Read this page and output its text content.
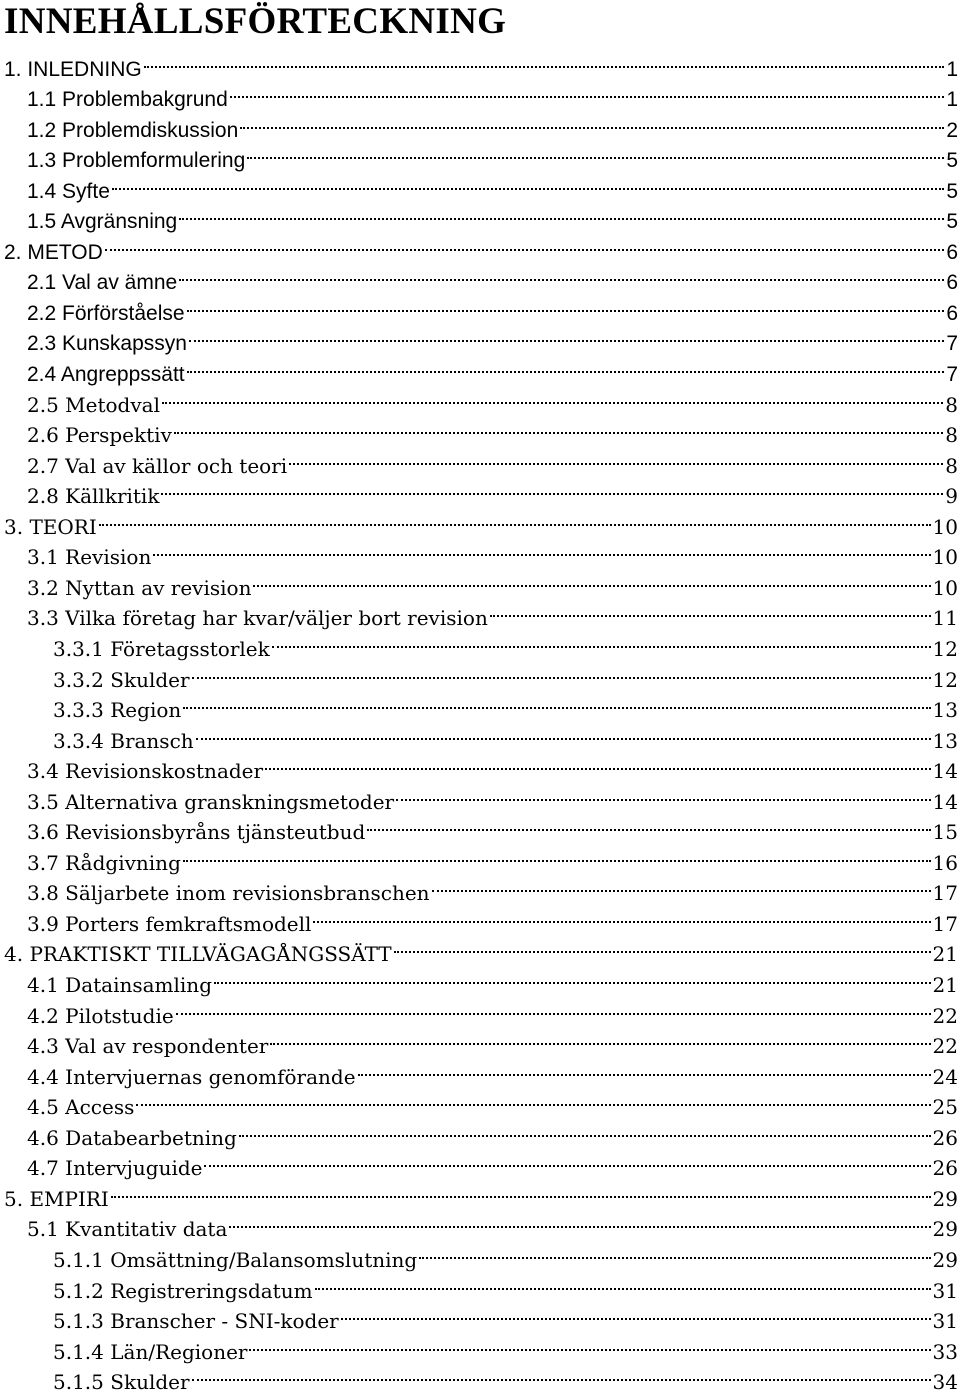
INNEHÅLLSFÖRTECKNING
1. INLEDNING	1
1.1 Problembakgrund	1
1.2 Problemdiskussion	2
1.3 Problemformulering	5
1.4 Syfte	5
1.5 Avgränsning	5
2. METOD	6
2.1 Val av ämne	6
2.2 Förförståelse	6
2.3 Kunskapssyn	7
2.4 Angreppssätt	7
2.5 Metodval	8
2.6 Perspektiv	8
2.7 Val av källor och teori	8
2.8 Källkritik	9
3. TEORI	10
3.1 Revision	10
3.2 Nyttan av revision	10
3.3 Vilka företag har kvar/väljer bort revision	11
3.3.1 Företagsstorlek	12
3.3.2 Skulder	12
3.3.3 Region	13
3.3.4 Bransch	13
3.4 Revisionskostnader	14
3.5 Alternativa granskningsmetoder	14
3.6 Revisionsbyråns tjänsteutbud	15
3.7 Rådgivning	16
3.8 Säljarbete inom revisionsbranschen	17
3.9 Porters femkraftsmodell	17
4. PRAKTISKT TILLVÄGAGÅNGSSÄTT	21
4.1 Datainsamling	21
4.2 Pilotstudie	22
4.3 Val av respondenter	22
4.4 Intervjuernas genomförande	24
4.5 Access	25
4.6 Databearbetning	26
4.7 Intervjuguide	26
5. EMPIRI	29
5.1 Kvantitativ data	29
5.1.1 Omsättning/Balansomslutning	29
5.1.2 Registreringsdatum	31
5.1.3 Branscher - SNI-koder	31
5.1.4 Län/Regioner	33
5.1.5 Skulder	34
